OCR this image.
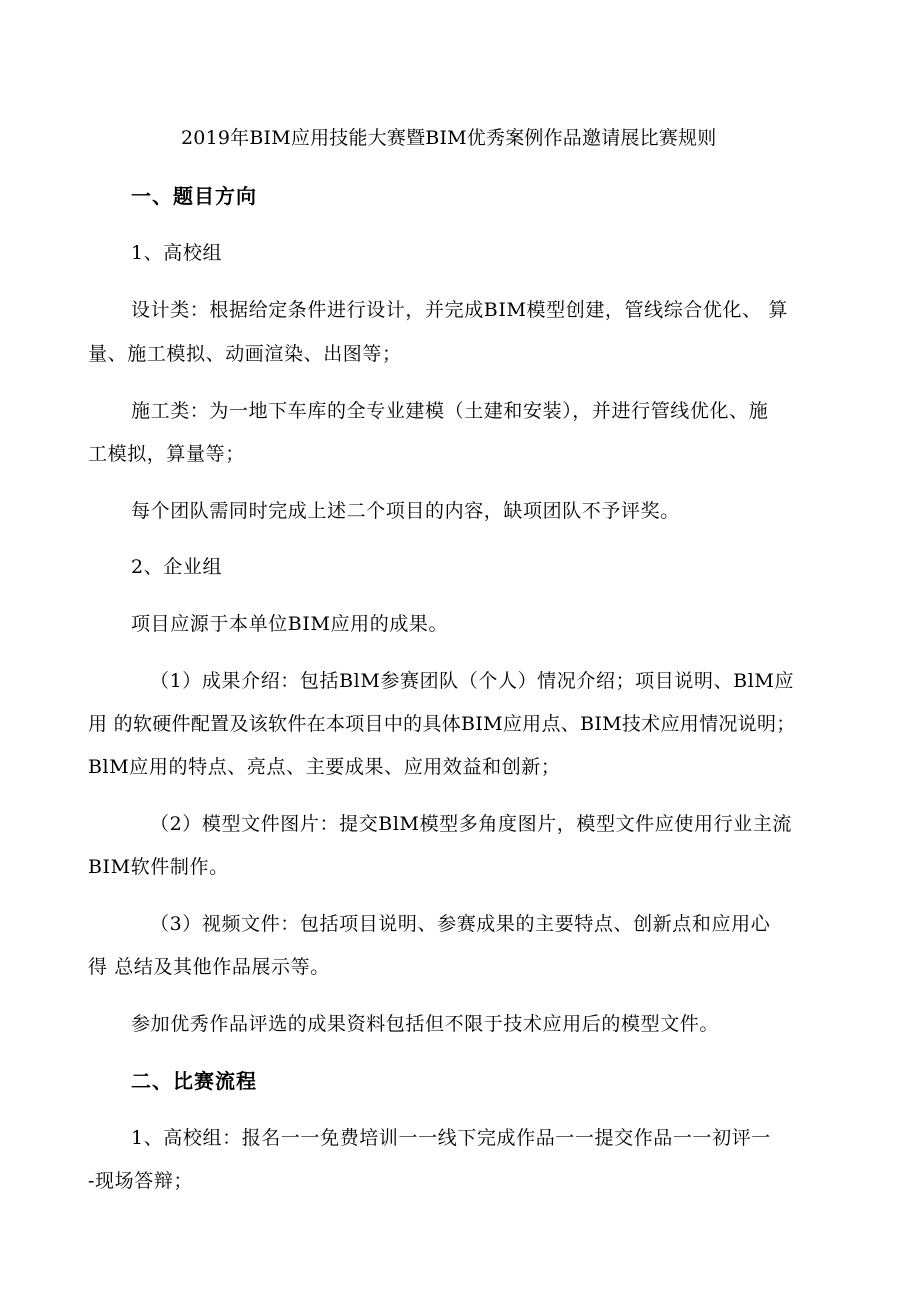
2019年BIM应用技能大赛暨BIM优秀案例作品邀请展比赛规则
一、题目方向
1、高校组
设计类：根据给定条件进行设计，并完成BIM模型创建，管线综合优化、 算
量、施工模拟、动画渲染、出图等；
施工类：为一地下车库的全专业建模（土建和安装），并进行管线优化、施
工模拟，算量等；
每个团队需同时完成上述二个项目的内容，缺项团队不予评奖。
2、企业组
项目应源于本单位BIM应用的成果。
（1）成果介绍：包括BlM参赛团队（个人）情况介绍；项目说明、BlM应
用 的软硬件配置及该软件在本项目中的具体BIM应用点、BIM技术应用情况说明；
BlM应用的特点、亮点、主要成果、应用效益和创新；
（2）模型文件图片：提交BlM模型多角度图片，模型文件应使用行业主流
BIM软件制作。
（3）视频文件：包括项目说明、参赛成果的主要特点、创新点和应用心
得 总结及其他作品展示等。
参加优秀作品评选的成果资料包括但不限于技术应用后的模型文件。
二、比赛流程
1、高校组：报名一一免费培训一一线下完成作品一一提交作品一一初评一
-现场答辩；
